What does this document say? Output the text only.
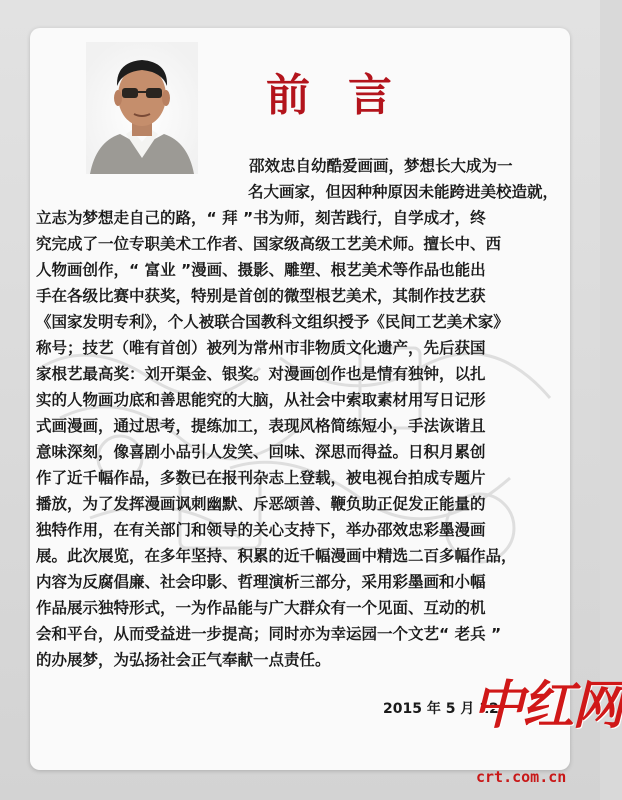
前言
邵效忠自幼酷爱画画，梦想长大成为一
名大画家，但因种种原因未能跨进美校造就，
立志为梦想走自己的路，“ 拜 ”书为师，刻苦践行，自学成才，终
究完成了一位专职美术工作者、国家级高级工艺美术师。擅长中、西
人物画创作，“ 富业 ”漫画、摄影、雕塑、根艺美术等作品也能出
手在各级比赛中获奖，特别是首创的微型根艺美术，其制作技艺获
《国家发明专利》，个人被联合国教科文组织授予《民间工艺美术家》
称号；技艺（唯有首创）被列为常州市非物质文化遗产，先后获国
家根艺最高奖：刘开渠金、银奖。对漫画创作也是情有独钟，以扎
实的人物画功底和善思能究的大脑，从社会中索取素材用写日记形
式画漫画，通过思考，提练加工，表现风格简练短小，手法诙谐且
意味深刻，像喜剧小品引人发笑、回味、深思而得益。日积月累创
作了近千幅作品，多数已在报刊杂志上登载，被电视台拍成专题片
播放，为了发挥漫画讽刺幽默、斥恶颂善、鞭负助正促发正能量的
独特作用，在有关部门和领导的关心支持下，举办邵效忠彩墨漫画
展。此次展览，在多年坚持、积累的近千幅漫画中精选二百多幅作品，
内容为反腐倡廉、社会印影、哲理演析三部分，采用彩墨画和小幅
作品展示独特形式，一为作品能与广大群众有一个见面、互动的机
会和平台，从而受益进一步提高；同时亦为幸运园一个文艺“ 老兵 ”
的办展梦，为弘扬社会正气奉献一点责任。
2015 年 5 月 12
中红网
crt.com.cn
